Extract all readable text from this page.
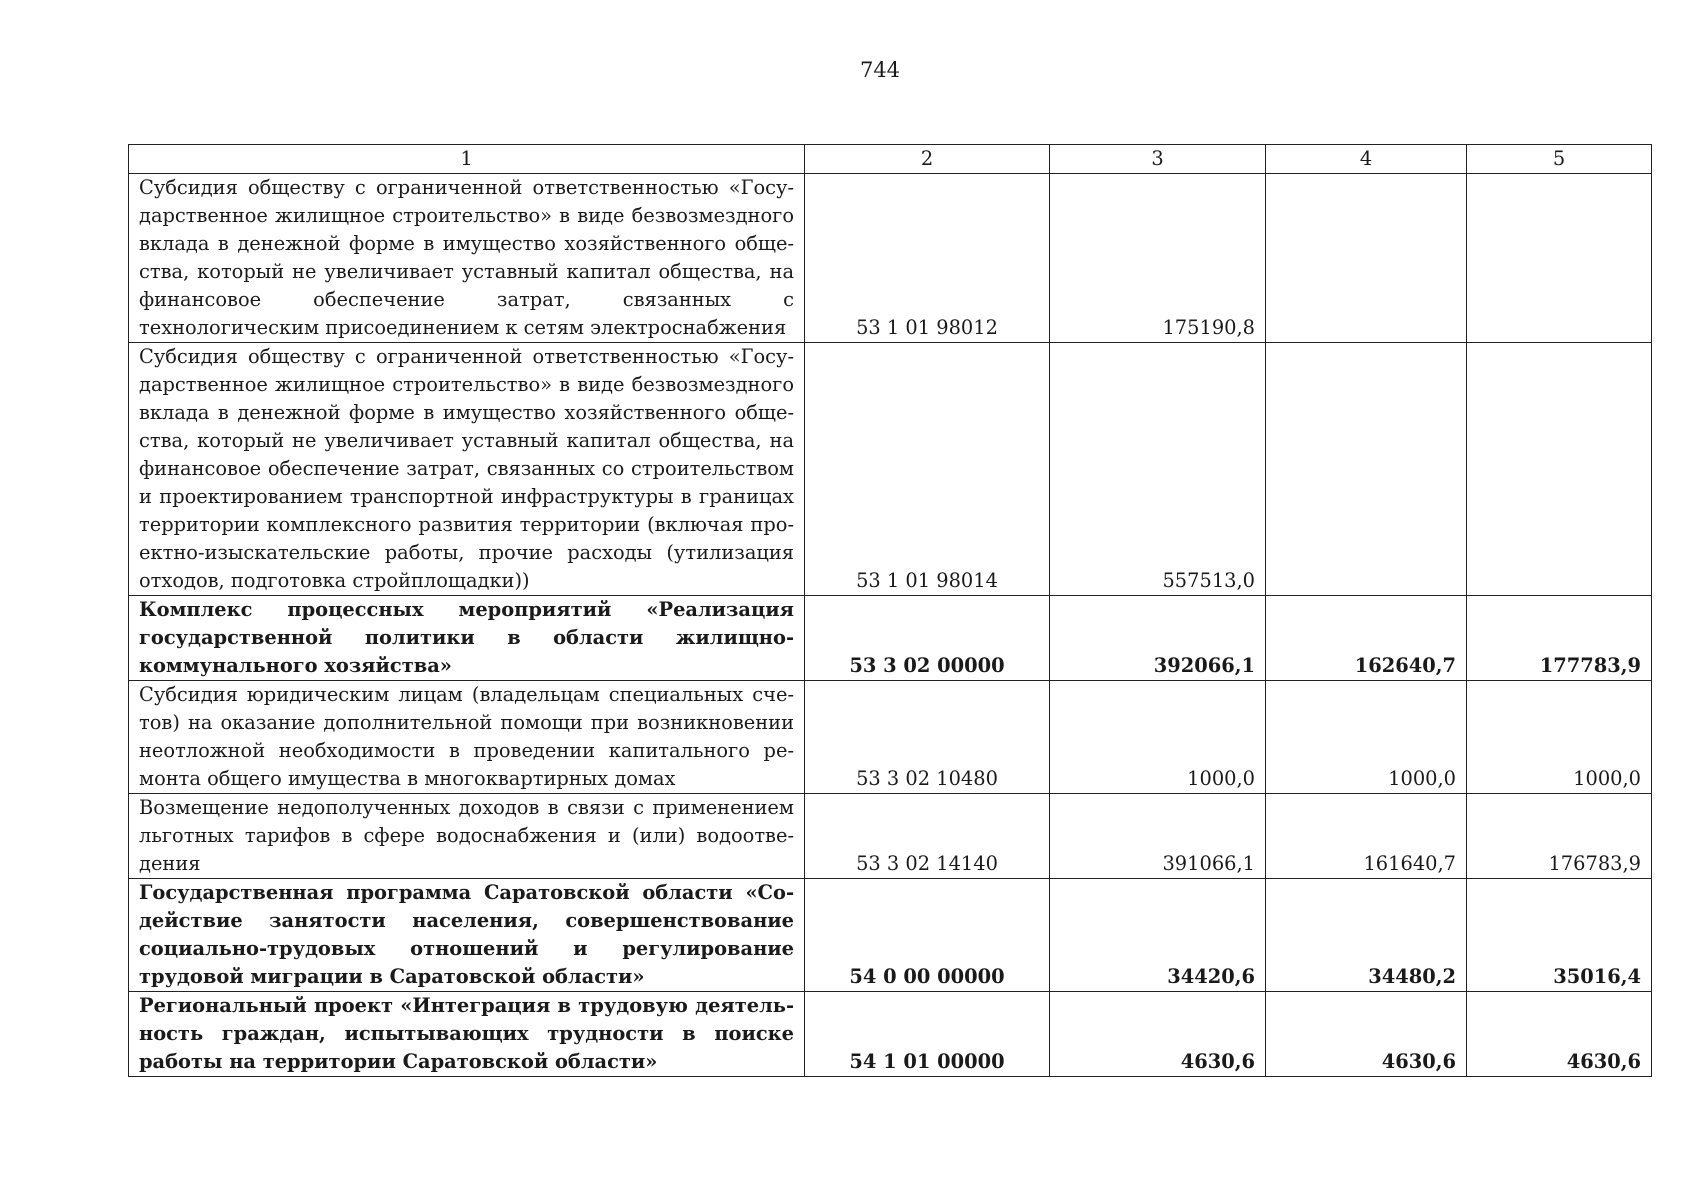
744
1	2	3	4	5
Субсидия обществу с ограниченной ответственностью «Государственное жилищное строительство» в виде безвозмездного вклада в денежной форме в имущество хозяйственного общества, который не увеличивает уставный капитал общества, на финансовое обеспечение затрат, связанных с технологическим присоединением к сетям электроснабжения	53 1 01 98012	175190,8		
Субсидия обществу с ограниченной ответственностью «Государственное жилищное строительство» в виде безвозмездного вклада в денежной форме в имущество хозяйственного общества, который не увеличивает уставный капитал общества, на финансовое обеспечение затрат, связанных со строительством и проектированием транспортной инфраструктуры в границах территории комплексного развития территории (включая проектно-изыскательские работы, прочие расходы (утилизация отходов, подготовка стройплощадки))	53 1 01 98014	557513,0		
Комплекс процессных мероприятий «Реализация государственной политики в области жилищно-коммунального хозяйства»	53 3 02 00000	392066,1	162640,7	177783,9
Субсидия юридическим лицам (владельцам специальных счетов) на оказание дополнительной помощи при возникновении неотложной необходимости в проведении капитального ремонта общего имущества в многоквартирных домах	53 3 02 10480	1000,0	1000,0	1000,0
Возмещение недополученных доходов в связи с применением льготных тарифов в сфере водоснабжения и (или) водоотведения	53 3 02 14140	391066,1	161640,7	176783,9
Государственная программа Саратовской области «Содействие занятости населения, совершенствование социально-трудовых отношений и регулирование трудовой миграции в Саратовской области»	54 0 00 00000	34420,6	34480,2	35016,4
Региональный проект «Интеграция в трудовую деятельность граждан, испытывающих трудности в поиске работы на территории Саратовской области»	54 1 01 00000	4630,6	4630,6	4630,6
